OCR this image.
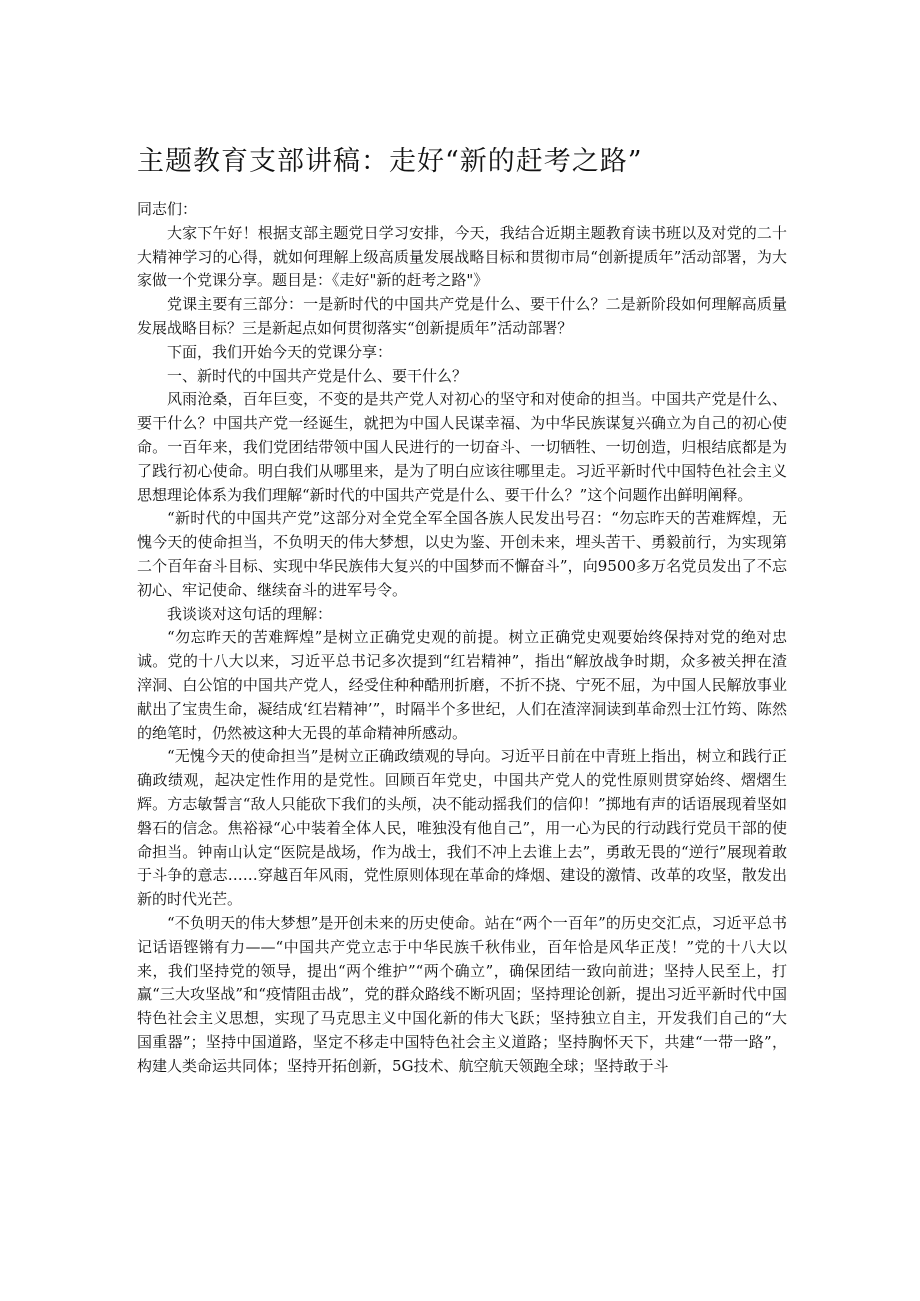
主题教育支部讲稿：走好“新的赶考之路”

同志们：

大家下午好！根据支部主题党日学习安排，今天，我结合近期主题教育读书班以及对党的二十大精神学习的心得，就如何理解上级高质量发展战略目标和贯彻市局“创新提质年”活动部署，为大家做一个党课分享。题目是：《走好"新的赶考之路"》

党课主要有三部分：一是新时代的中国共产党是什么、要干什么？二是新阶段如何理解高质量发展战略目标？三是新起点如何贯彻落实“创新提质年”活动部署？

下面，我们开始今天的党课分享：

一、新时代的中国共产党是什么、要干什么？

风雨沧桑，百年巨变，不变的是共产党人对初心的坚守和对使命的担当。中国共产党是什么、要干什么？中国共产党一经诞生，就把为中国人民谋幸福、为中华民族谋复兴确立为自己的初心使命。一百年来，我们党团结带领中国人民进行的一切奋斗、一切牺牲、一切创造，归根结底都是为了践行初心使命。明白我们从哪里来，是为了明白应该往哪里走。习近平新时代中国特色社会主义思想理论体系为我们理解“新时代的中国共产党是什么、要干什么？”这个问题作出鲜明阐释。

“新时代的中国共产党”这部分对全党全军全国各族人民发出号召：“勿忘昨天的苦难辉煌，无愧今天的使命担当，不负明天的伟大梦想，以史为鉴、开创未来，埋头苦干、勇毅前行，为实现第二个百年奋斗目标、实现中华民族伟大复兴的中国梦而不懈奋斗”，向9500多万名党员发出了不忘初心、牢记使命、继续奋斗的进军号令。

我谈谈对这句话的理解：

“勿忘昨天的苦难辉煌”是树立正确党史观的前提。树立正确党史观要始终保持对党的绝对忠诚。党的十八大以来，习近平总书记多次提到“红岩精神”，指出“解放战争时期，众多被关押在渣滓洞、白公馆的中国共产党人，经受住种种酷刑折磨，不折不挠、宁死不屈，为中国人民解放事业献出了宝贵生命，凝结成‘红岩精神’”，时隔半个多世纪，人们在渣滓洞读到革命烈士江竹筠、陈然的绝笔时，仍然被这种大无畏的革命精神所感动。

“无愧今天的使命担当”是树立正确政绩观的导向。习近平日前在中青班上指出，树立和践行正确政绩观，起决定性作用的是党性。回顾百年党史，中国共产党人的党性原则贯穿始终、熠熠生辉。方志敏誓言“敌人只能砍下我们的头颅，决不能动摇我们的信仰！”掷地有声的话语展现着坚如磐石的信念。焦裕禄“心中装着全体人民，唯独没有他自己”，用一心为民的行动践行党员干部的使命担当。钟南山认定“医院是战场，作为战士，我们不冲上去谁上去”，勇敢无畏的“逆行”展现着敢于斗争的意志……穿越百年风雨，党性原则体现在革命的烽烟、建设的激情、改革的攻坚，散发出新的时代光芒。

“不负明天的伟大梦想”是开创未来的历史使命。站在“两个一百年”的历史交汇点，习近平总书记话语铿锵有力——“中国共产党立志于中华民族千秋伟业，百年恰是风华正茂！”党的十八大以来，我们坚持党的领导，提出“两个维护”“两个确立”，确保团结一致向前进；坚持人民至上，打赢“三大攻坚战”和“疫情阻击战”，党的群众路线不断巩固；坚持理论创新，提出习近平新时代中国特色社会主义思想，实现了马克思主义中国化新的伟大飞跃；坚持独立自主，开发我们自己的“大国重器”；坚持中国道路，坚定不移走中国特色社会主义道路；坚持胸怀天下，共建“一带一路”，构建人类命运共同体；坚持开拓创新，5G技术、航空航天领跑全球；坚持敢于斗
